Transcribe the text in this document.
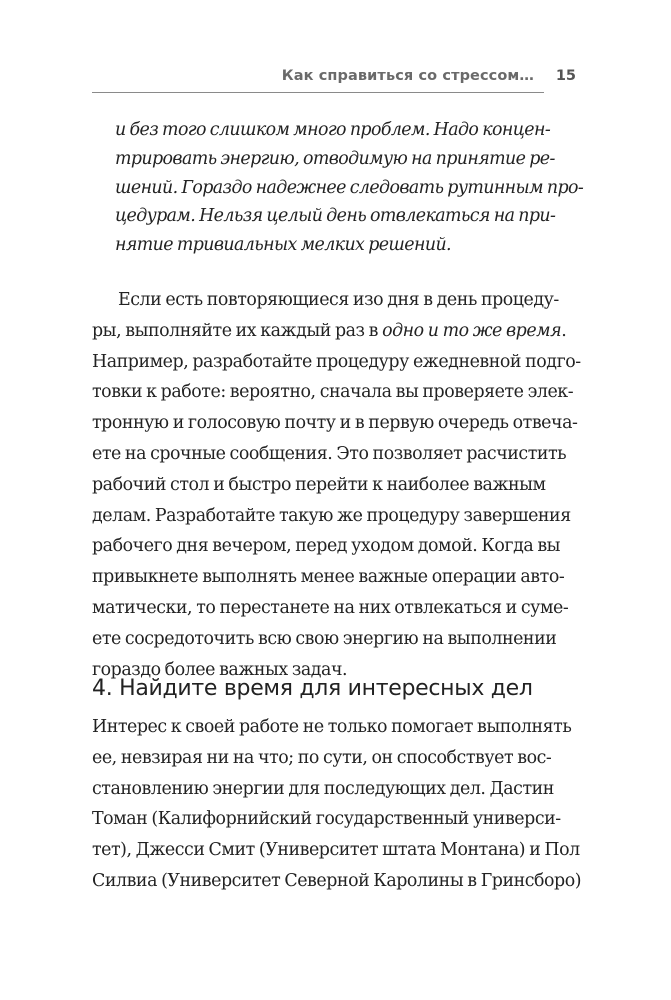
Как справиться со стрессом… 15
и без того слишком много проблем. Надо концен-
трировать энергию, отводимую на принятие ре-
шений. Гораздо надежнее следовать рутинным про-
цедурам. Нельзя целый день отвлекаться на при-
нятие тривиальных мелких решений.
Если есть повторяющиеся изо дня в день процеду-
ры, выполняйте их каждый раз в одно и то же время.
Например, разработайте процедуру ежедневной подго-
товки к работе: вероятно, сначала вы проверяете элек-
тронную и голосовую почту и в первую очередь отвеча-
ете на срочные сообщения. Это позволяет расчистить
рабочий стол и быстро перейти к наиболее важным
делам. Разработайте такую же процедуру завершения
рабочего дня вечером, перед уходом домой. Когда вы
привыкнете выполнять менее важные операции авто-
матически, то перестанете на них отвлекаться и суме-
ете сосредоточить всю свою энергию на выполнении
гораздо более важных задач.
4. Найдите время для интересных дел
Интерес к своей работе не только помогает выполнять
ее, невзирая ни на что; по сути, он способствует вос-
становлению энергии для последующих дел. Дастин
Томан (Калифорнийский государственный универси-
тет), Джесси Смит (Университет штата Монтана) и Пол
Силвиа (Университет Северной Каролины в Гринсборо)
